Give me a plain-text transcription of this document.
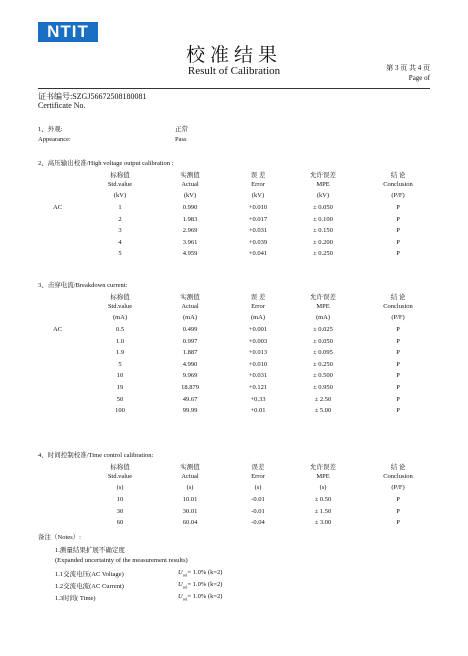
NTIT
校准结果
Result of Calibration	第 3 页 共 4 页
Page of
证书编号:SZGJ56672508180081
Certificate No.
1、外观:
Appearance:
正常
Pass
2、高压输出校准/High voltage output calibration :
标称值	实测值	误 差	允许误差	结 论
Std.value	Actual	Error	MPE	Conclusion
(kV)	(kV)	(kV)	(kV)	(P/F)
AC	1	0.990	+0.010	± 0.050	P
2	1.983	+0.017	± 0.100	P
3	2.969	+0.031	± 0.150	P
4	3.961	+0.039	± 0.200	P
5	4.959	+0.041	± 0.250	P
3、击穿电流/Breakdown current:
标称值	实测值	误 差	允许误差	结 论
Std.value	Actual	Error	MPE	Conclusion
(mA)	(mA)	(mA)	(mA)	(P/F)
AC	0.5	0.499	+0.001	± 0.025	P
1.0	0.997	+0.003	± 0.050	P
1.9	1.887	+0.013	± 0.095	P
5	4.990	+0.010	± 0.250	P
10	9.969	+0.031	± 0.500	P
19	18.879	+0.121	± 0.950	P
50	49.67	+0.33	± 2.50	P
100	99.99	+0.01	± 5.00	P
4、时间控制校准/Time control calibration:
标称值	实测值	误差	允许误差	结 论
Std.value	Actual	Error	MPE	Conclusion
(s)	(s)	(s)	(s)	(P/F)
10	10.01	-0.01	± 0.50	P
30	30.01	-0.01	± 1.50	P
60	60.04	-0.04	± 3.00	P
备注（Notes）:
1.测量结果扩展不确定度
(Expanded uncertainty of the measurement results)
1.1交流电压(AC Voltage)	$U_{rel}= 1.0\%$ (k=2)
1.2交流电流(AC Current)	$U_{rel}= 1.0\%$ (k=2)
1.3时间( Time)	$U_{rel}= 1.0\%$ (k=2)
